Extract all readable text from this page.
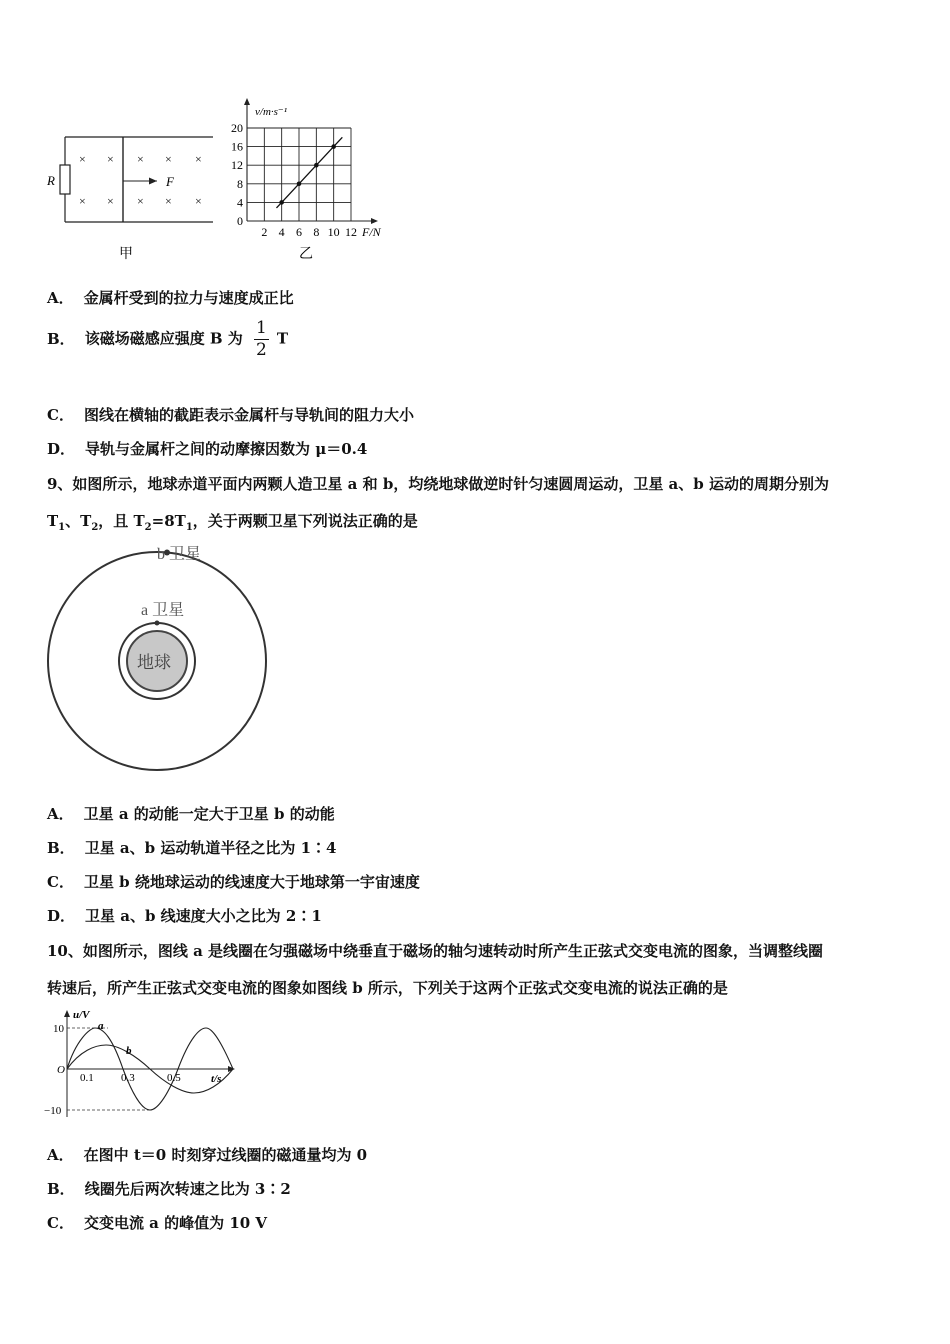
R
× × × × ×
× × × × ×
F
甲
v/m·s⁻¹
F/N
乙
0
4
8
12
16
20
2 4 6 8 10 12
A． 金属杆受到的拉力与速度成正比
B． 该磁场磁感应强度 B 为 $\frac{1}{2}$ T
C． 图线在横轴的截距表示金属杆与导轨间的阻力大小
D． 导轨与金属杆之间的动摩擦因数为 μ＝0.4
9、如图所示，地球赤道平面内两颗人造卫星 a 和 b，均绕地球做逆时针匀速圆周运动，卫星 a、b 运动的周期分别为
$T_1$、$T_2$，且 $T_2=8T_1$，关于两颗卫星下列说法正确的是
b 卫星
a 卫星
地球
A． 卫星 a 的动能一定大于卫星 b 的动能
B． 卫星 a、b 运动轨道半径之比为 1∶4
C． 卫星 b 绕地球运动的线速度大于地球第一宇宙速度
D． 卫星 a、b 线速度大小之比为 2∶1
10、如图所示，图线 a 是线圈在匀强磁场中绕垂直于磁场的轴匀速转动时所产生正弦式交变电流的图象，当调整线圈
转速后，所产生正弦式交变电流的图象如图线 b 所示，下列关于这两个正弦式交变电流的说法正确的是
u/V
t/s
10
−10
O
0.1 0.3	0.5
a
b
A． 在图中 t＝0 时刻穿过线圈的磁通量均为 0
B． 线圈先后两次转速之比为 3∶2
C． 交变电流 a 的峰值为 10 V
